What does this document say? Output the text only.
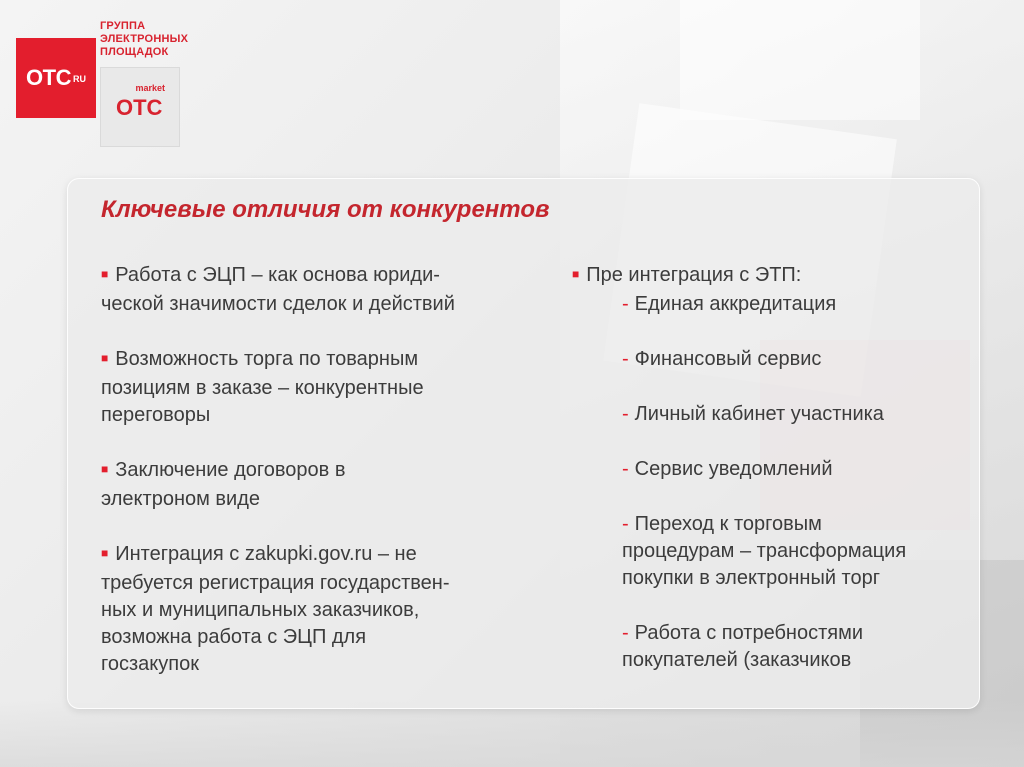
OTC RU
ГРУППА
ЭЛЕКТРОННЫХ
ПЛОЩАДОК
market
OTC
Ключевые отличия от конкурентов
■ Работа с ЭЦП – как основа юриди-
ческой значимости сделок и действий
■ Возможность торга по товарным
позициям в заказе – конкурентные
переговоры
■ Заключение договоров в
электроном виде
■ Интеграция с zakupki.gov.ru – не
требуется регистрация государствен-
ных и муниципальных заказчиков,
возможна работа с ЭЦП для
госзакупок
■ Пре интеграция с ЭТП:
- Единая аккредитация
- Финансовый сервис
- Личный кабинет участника
- Сервис уведомлений
- Переход к торговым
процедурам – трансформация
покупки в электронный торг
- Работа с потребностями
покупателей (заказчиков
